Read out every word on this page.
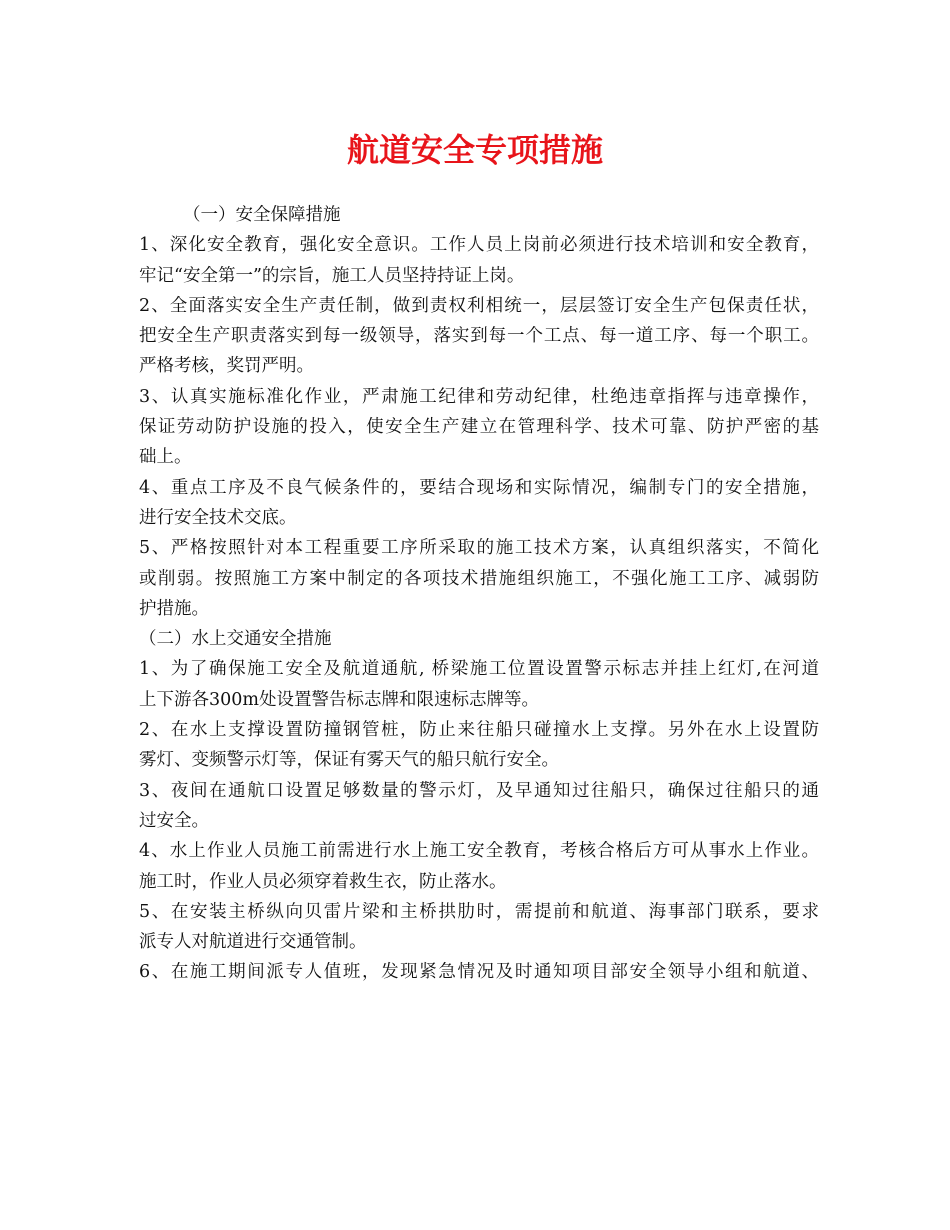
航道安全专项措施
（一）安全保障措施
1、深化安全教育，强化安全意识。工作人员上岗前必须进行技术培训和安全教育，
牢记“安全第一”的宗旨，施工人员坚持持证上岗。
2、全面落实安全生产责任制，做到责权利相统一，层层签订安全生产包保责任状，
把安全生产职责落实到每一级领导，落实到每一个工点、每一道工序、每一个职工。
严格考核，奖罚严明。
3、认真实施标准化作业，严肃施工纪律和劳动纪律，杜绝违章指挥与违章操作，
保证劳动防护设施的投入，使安全生产建立在管理科学、技术可靠、防护严密的基
础上。
4、重点工序及不良气候条件的，要结合现场和实际情况，编制专门的安全措施，
进行安全技术交底。
5、严格按照针对本工程重要工序所采取的施工技术方案，认真组织落实，不简化
或削弱。按照施工方案中制定的各项技术措施组织施工，不强化施工工序、减弱防
护措施。
（二）水上交通安全措施
1、为了确保施工安全及航道通航, 桥梁施工位置设置警示标志并挂上红灯,在河道
上下游各300m处设置警告标志牌和限速标志牌等。
2、在水上支撑设置防撞钢管桩，防止来往船只碰撞水上支撑。另外在水上设置防
雾灯、变频警示灯等，保证有雾天气的船只航行安全。
3、夜间在通航口设置足够数量的警示灯，及早通知过往船只，确保过往船只的通
过安全。
4、水上作业人员施工前需进行水上施工安全教育，考核合格后方可从事水上作业。
施工时，作业人员必须穿着救生衣，防止落水。
5、在安装主桥纵向贝雷片梁和主桥拱肋时，需提前和航道、海事部门联系，要求
派专人对航道进行交通管制。
6、在施工期间派专人值班，发现紧急情况及时通知项目部安全领导小组和航道、
